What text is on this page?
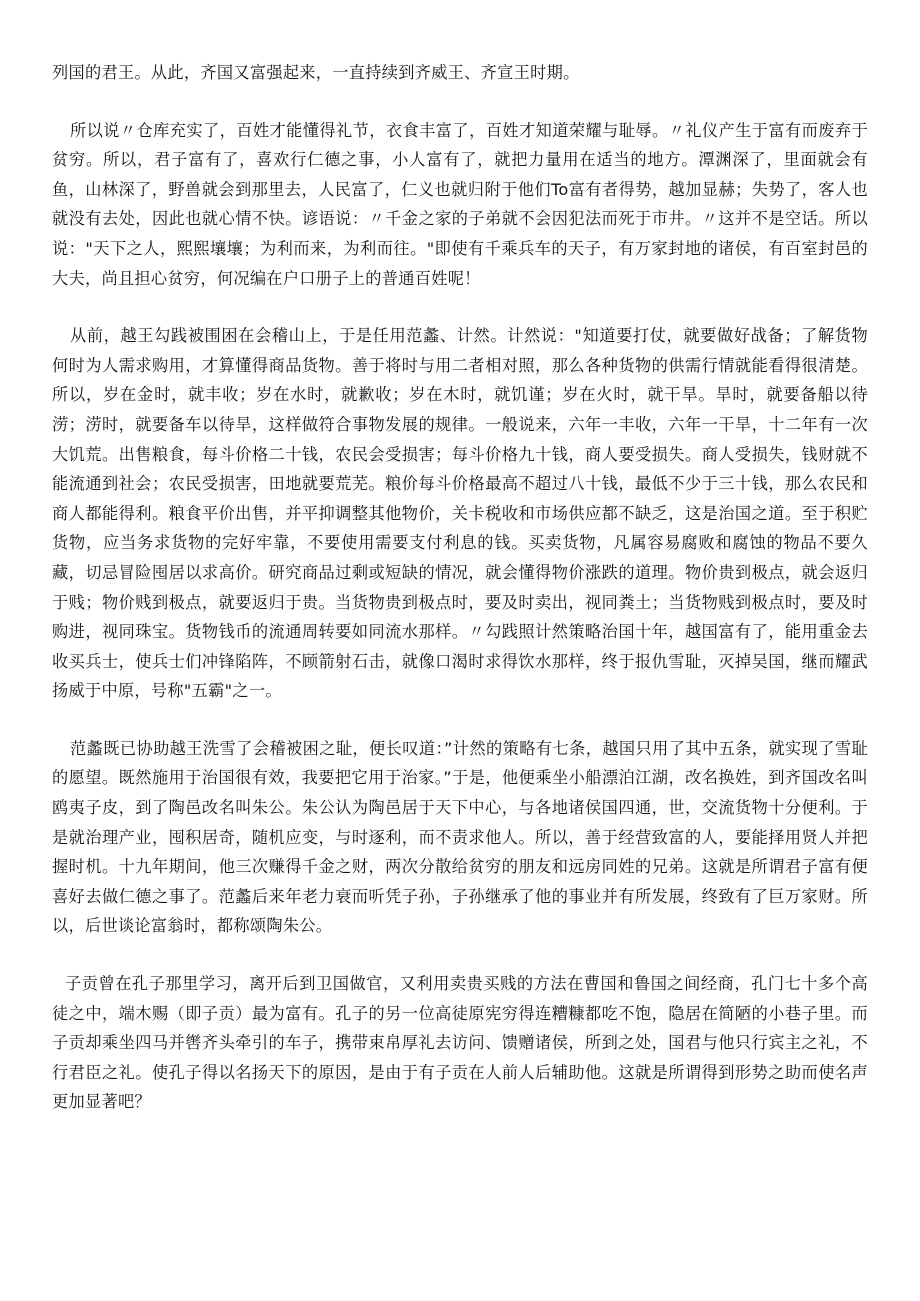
列国的君王。从此，齐国又富强起来，一直持续到齐威王、齐宣王时期。

所以说〃仓库充实了，百姓才能懂得礼节，衣食丰富了，百姓才知道荣耀与耻辱。〃礼仪产生于富有而废弃于贫穷。所以，君子富有了，喜欢行仁德之事，小人富有了，就把力量用在适当的地方。潭渊深了，里面就会有鱼，山林深了，野兽就会到那里去，人民富了，仁义也就归附于他们To富有者得势，越加显赫；失势了，客人也就没有去处，因此也就心情不快。谚语说：〃千金之家的子弟就不会因犯法而死于市井。〃这并不是空话。所以说："天下之人，熙熙壤壤；为利而来，为利而往。"即使有千乘兵车的天子，有万家封地的诸侯，有百室封邑的大夫，尚且担心贫穷，何况编在户口册子上的普通百姓呢！

从前，越王勾践被围困在会稽山上，于是任用范蠡、计然。计然说："知道要打仗，就要做好战备；了解货物何时为人需求购用，才算懂得商品货物。善于将时与用二者相对照，那么各种货物的供需行情就能看得很清楚。所以，岁在金时，就丰收；岁在水时，就歉收；岁在木时，就饥谨；岁在火时，就干旱。旱时，就要备船以待涝；涝时，就要备车以待旱，这样做符合事物发展的规律。一般说来，六年一丰收，六年一干旱，十二年有一次大饥荒。出售粮食，每斗价格二十钱，农民会受损害；每斗价格九十钱，商人要受损失。商人受损失，钱财就不能流通到社会；农民受损害，田地就要荒芜。粮价每斗价格最高不超过八十钱，最低不少于三十钱，那么农民和商人都能得利。粮食平价出售，并平抑调整其他物价，关卡税收和市场供应都不缺乏，这是治国之道。至于积贮货物，应当务求货物的完好牢靠，不要使用需要支付利息的钱。买卖货物，凡属容易腐败和腐蚀的物品不要久藏，切忌冒险囤居以求高价。研究商品过剩或短缺的情况，就会懂得物价涨跌的道理。物价贵到极点，就会返归于贱；物价贱到极点，就要返归于贵。当货物贵到极点时，要及时卖出，视同粪土；当货物贱到极点时，要及时购进，视同珠宝。货物钱币的流通周转要如同流水那样。〃勾践照计然策略治国十年，越国富有了，能用重金去收买兵士，使兵士们冲锋陷阵，不顾箭射石击，就像口渴时求得饮水那样，终于报仇雪耻，灭掉吴国，继而耀武扬威于中原，号称"五霸"之一。

范蠡既已协助越王洗雪了会稽被困之耻，便长叹道：”计然的策略有七条，越国只用了其中五条，就实现了雪耻的愿望。既然施用于治国很有效，我要把它用于治家。”于是，他便乘坐小船漂泊江湖，改名换姓，到齐国改名叫鸥夷子皮，到了陶邑改名叫朱公。朱公认为陶邑居于天下中心，与各地诸侯国四通，世，交流货物十分便利。于是就治理产业，囤积居奇，随机应变，与时逐利，而不责求他人。所以，善于经营致富的人，要能择用贤人并把握时机。十九年期间，他三次赚得千金之财，两次分散给贫穷的朋友和远房同姓的兄弟。这就是所谓君子富有便喜好去做仁德之事了。范蠡后来年老力衰而听凭子孙，子孙继承了他的事业并有所发展，终致有了巨万家财。所以，后世谈论富翁时，都称颂陶朱公。

子贡曾在孔子那里学习，离开后到卫国做官，又利用卖贵买贱的方法在曹国和鲁国之间经商，孔门七十多个高徒之中，端木赐（即子贡）最为富有。孔子的另一位高徒原宪穷得连糟糠都吃不饱，隐居在简陋的小巷子里。而子贡却乘坐四马并辔齐头牵引的车子，携带束帛厚礼去访问、馈赠诸侯，所到之处，国君与他只行宾主之礼，不行君臣之礼。使孔子得以名扬天下的原因，是由于有子贡在人前人后辅助他。这就是所谓得到形势之助而使名声更加显著吧？
